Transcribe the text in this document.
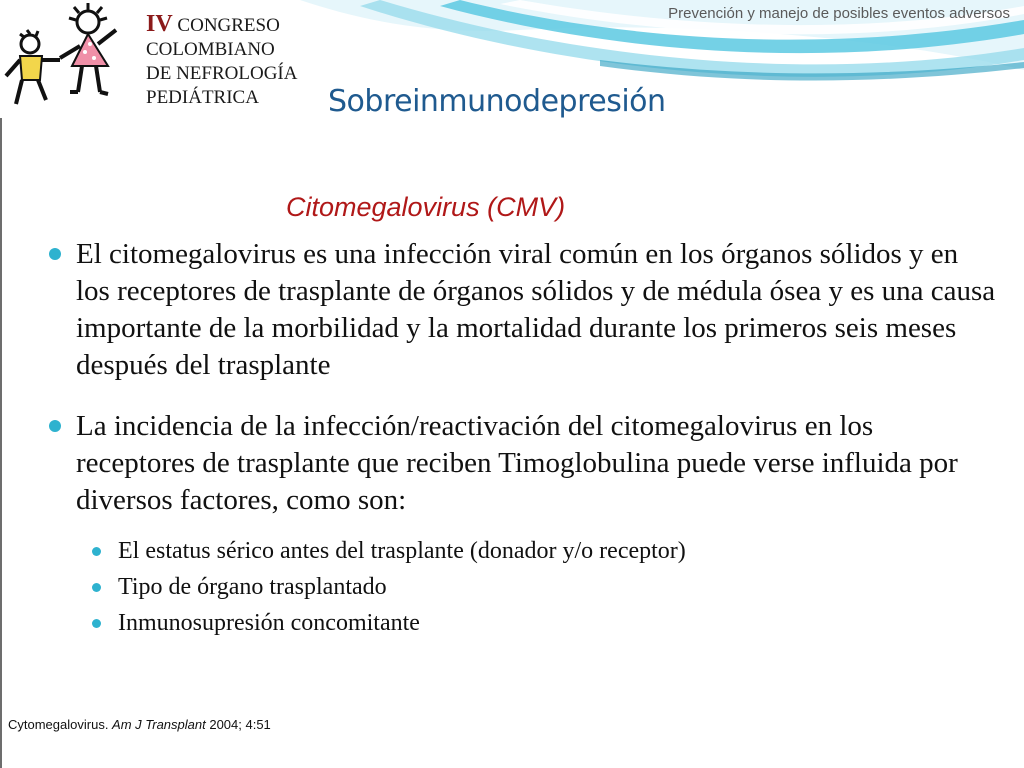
IV CONGRESO
COLOMBIANO
DE NEFROLOGÍA
PEDIÁTRICA
Prevención y manejo de posibles eventos adversos
Sobreinmunodepresión
Citomegalovirus (CMV)
El citomegalovirus es una infección viral común en los órganos sólidos y en los receptores de trasplante de órganos sólidos y de médula ósea y es una causa importante de la morbilidad y la mortalidad durante los primeros seis meses después del trasplante
La incidencia de la infección/reactivación del citomegalovirus en los receptores de trasplante que reciben Timoglobulina puede verse influida por diversos factores, como son:
El estatus sérico antes del trasplante (donador y/o receptor)
Tipo de órgano trasplantado
Inmunosupresión concomitante
Cytomegalovirus. Am J Transplant 2004; 4:51
